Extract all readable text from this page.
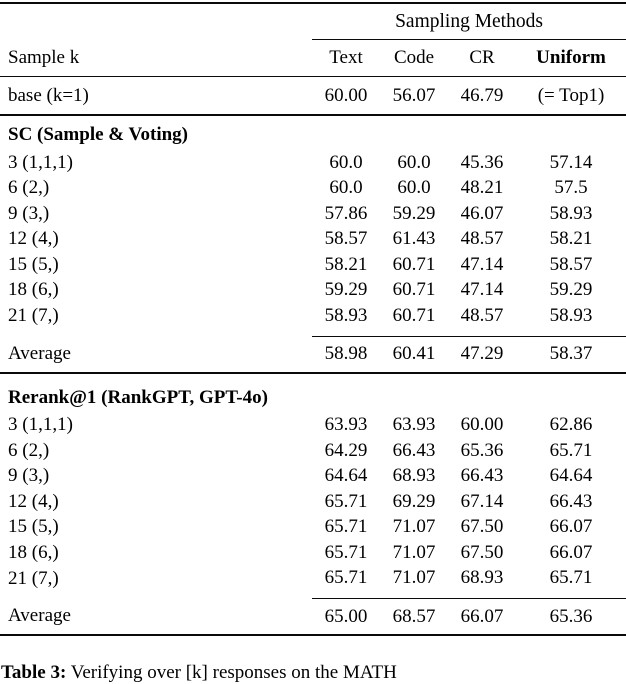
	Sampling Methods			
Sample k	Text	Code	CR	Uniform
base (k=1)	60.00	56.07	46.79	(= Top1)
SC (Sample & Voting)				
3 (1,1,1)	60.0	60.0	45.36	57.14
6 (2,)	60.0	60.0	48.21	57.5
9 (3,)	57.86	59.29	46.07	58.93
12 (4,)	58.57	61.43	48.57	58.21
15 (5,)	58.21	60.71	47.14	58.57
18 (6,)	59.29	60.71	47.14	59.29
21 (7,)	58.93	60.71	48.57	58.93
Average	58.98	60.41	47.29	58.37
Rerank@1 (RankGPT, GPT-4o)				
3 (1,1,1)	63.93	63.93	60.00	62.86
6 (2,)	64.29	66.43	65.36	65.71
9 (3,)	64.64	68.93	66.43	64.64
12 (4,)	65.71	69.29	67.14	66.43
15 (5,)	65.71	71.07	67.50	66.07
18 (6,)	65.71	71.07	67.50	66.07
21 (7,)	65.71	71.07	68.93	65.71
Average	65.00	68.57	66.07	65.36
Table 3: Verifying over [k] responses on the MATH
